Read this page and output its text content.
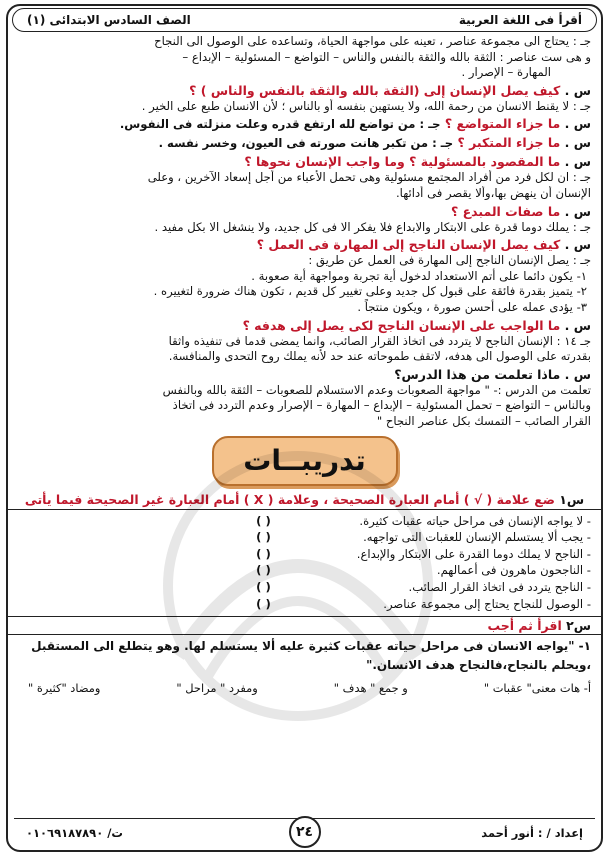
أقرأ فى اللغة العربية
الصف السادس الابتدائى (١)
جـ : يحتاج الى مجموعة عناصر ، تعينه على مواجهة الحياة، وتساعده على الوصول الى النجاح
و هى ست عناصر : الثقة بالله والثقة بالنفس والناس – التواضع – المسئولية – الإبداع –
المهارة – الإصرار .
س . كيف يصل الإنسان إلى (الثقة بالله والثقة بالنفس والناس ) ؟
جـ : لا يقنط الانسان من رحمة الله، ولا يستهين بنفسه أو بالناس ؛ لأن الانسان طبع على الخير .
س . ما جزاء المتواضع ؟ جـ : من تواضع لله ارتفع قدره وعلت منزلته فى النفوس.
س . ما جزاء المتكبر ؟ جـ : من تكبر هانت صورته فى العيون، وخسر نفسه .
س . ما المقصود بالمسئولية ؟ وما واجب الإنسان نحوها ؟
جـ : ان لكل فرد من أفراد المجتمع مسئولية وهى تحمل الأعباء من أجل إسعاد الآخرين ، وعلى
الإنسان أن ينهض بها،وألا يقصر فى أدائها.
س . ما صفات المبدع ؟
جـ : يملك دوما قدرة على الابتكار والابداع فلا يفكر الا فى كل جديد، ولا ينشغل الا بكل مفيد .
س . كيف يصل الإنسان الناجح إلى المهارة فى العمل ؟
جـ : يصل الإنسان الناجح إلى المهارة فى العمل عن طريق :
١- يكون دائما على أتم الاستعداد لدخول أية تجربة ومواجهة أية صعوبة .
٢- يتميز بقدرة فائقة على قبول كل جديد وعلى تغيير كل قديم ، تكون هناك ضرورة لتغييره .
٣- يؤدى عمله على أحسن صورة ، ويكون منتجاً .
س . ما الواجب على الإنسان الناجح لكى يصل إلى هدفه ؟
جـ ١٤ : الإنسان الناجح لا يتردد فى اتخاذ القرار الصائب، وانما يمضى قدما فى تنفيذه واثقا
بقدرته على الوصول الى هدفه، لاتقف طموحاته عند حد لأنه يملك روح التحدى والمنافسة.
س . ماذا تعلمت من هذا الدرس؟
تعلمت من الدرس :- " مواجهة الصعوبات وعدم الاستسلام للصعوبات – الثقة بالله وبالنفس
وبالناس – التواضع – تحمل المسئولية – الإبداع – المهارة – الإصرار وعدم التردد فى اتخاذ
القرار الصائب – التمسك بكل عناصر النجاح "
تدريبــات
س١ ضع علامة ( √ ) أمام العبارة الصحيحة ، وعلامة ( X ) أمام العبارة غير الصحيحة فيما يأتى
- لا يواجه الإنسان فى مراحل حياته عقبات كثيرة.
( )
- يجب ألا يستسلم الإنسان للعقبات التى تواجهه.
( )
- الناجح لا يملك دوما القدرة على الابتكار والإبداع.
( )
- الناجحون ماهرون فى أعمالهم.
( )
- الناجح يتردد فى اتخاذ القرار الصائب.
( )
- الوصول للنجاح يحتاج إلى مجموعة عناصر.
( )
س٢ اقرأ ثم أجب
١- "يواجه الانسان فى مراحل حياته عقبات كثيرة عليه ألا يستسلم لها. وهو يتطلع الى المستقبل ،ويحلم بالنجاح،فالنجاح هدف الانسان."
أ- هات معنى" عقبات "
و جمع " هدف "
ومفرد " مراحل "
ومضاد "كثيرة "
إعداد / : أنور أحمد
ت/ ٠١٠٦٩١٨٧٨٩٠	٢٤
